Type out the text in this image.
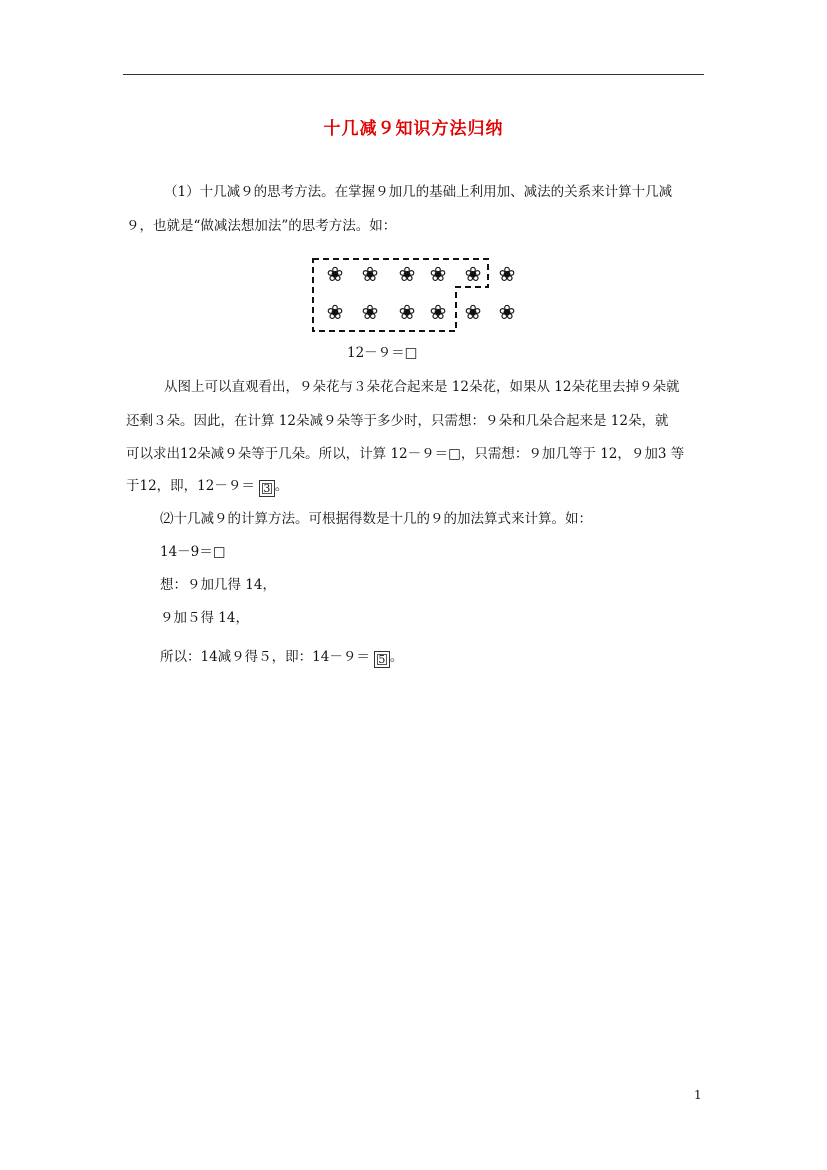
十几减９知识方法归纳
（1）十几减９的思考方法。在掌握９加几的基础上利用加、减法的关系来计算十几减
９，也就是“做减法想加法”的思考方法。如：
❀ ❀ ❀ ❀ ❀ ❀
❀ ❀ ❀ ❀ ❀ ❀
12－９＝□
从图上可以直观看出，９朵花与３朵花合起来是 12朵花，如果从 12朵花里去掉９朵就
还剩３朵。因此，在计算 12朵减９朵等于多少时，只需想：９朵和几朵合起来是 12朵，就
可以求出12朵减９朵等于几朵。所以，计算 12－９＝□，只需想：９加几等于 12，９加3 等
于12，即，12－９＝ 3 。
⑵十几减９的计算方法。可根据得数是十几的９的加法算式来计算。如：
14－9＝□
想：９加几得 14，
９加５得 14，
所以：14减９得５，即：14－９＝ 5 。
1
